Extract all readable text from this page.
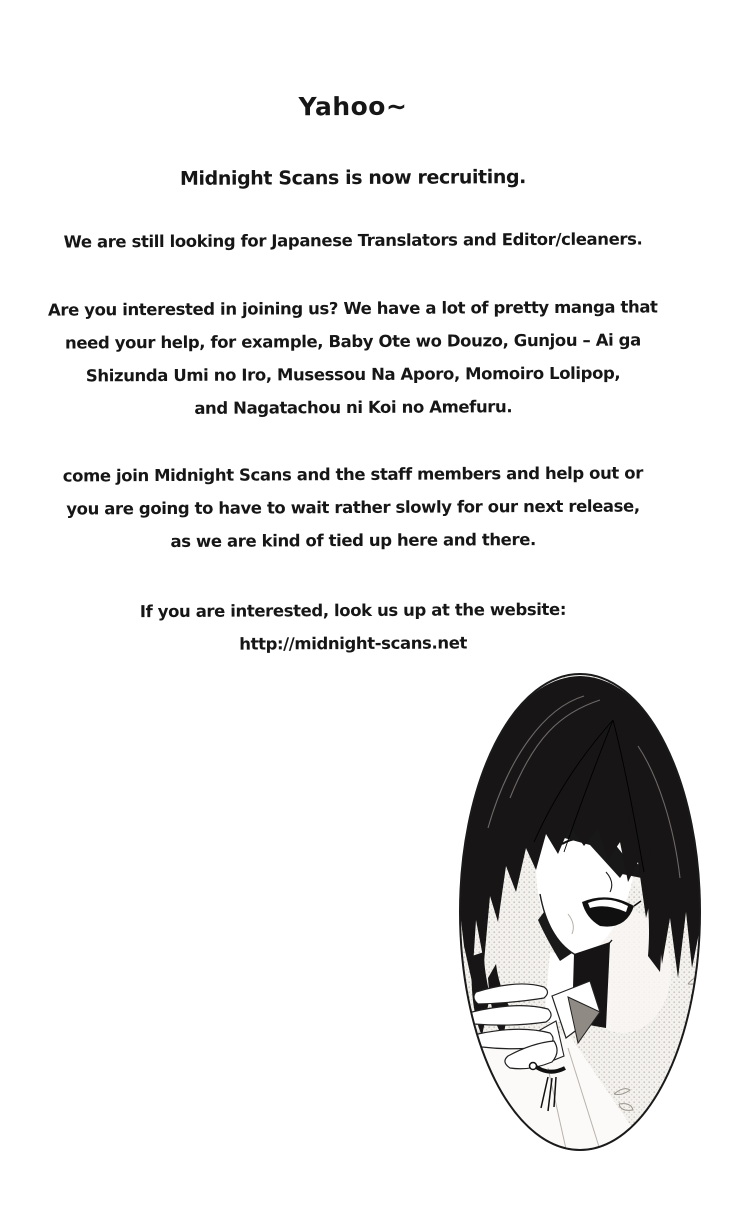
Yahoo~
Midnight Scans is now recruiting.
We are still looking for Japanese Translators and Editor/cleaners.
Are you interested in joining us? We have a lot of pretty manga that
need your help, for example, Baby Ote wo Douzo, Gunjou – Ai ga
Shizunda Umi no Iro, Musessou Na Aporo, Momoiro Lolipop,
and Nagatachou ni Koi no Amefuru.
come join Midnight Scans and the staff members and help out or
you are going to have to wait rather slowly for our next release,
as we are kind of tied up here and there.
If you are interested, look us up at the website:
http://midnight-scans.net
